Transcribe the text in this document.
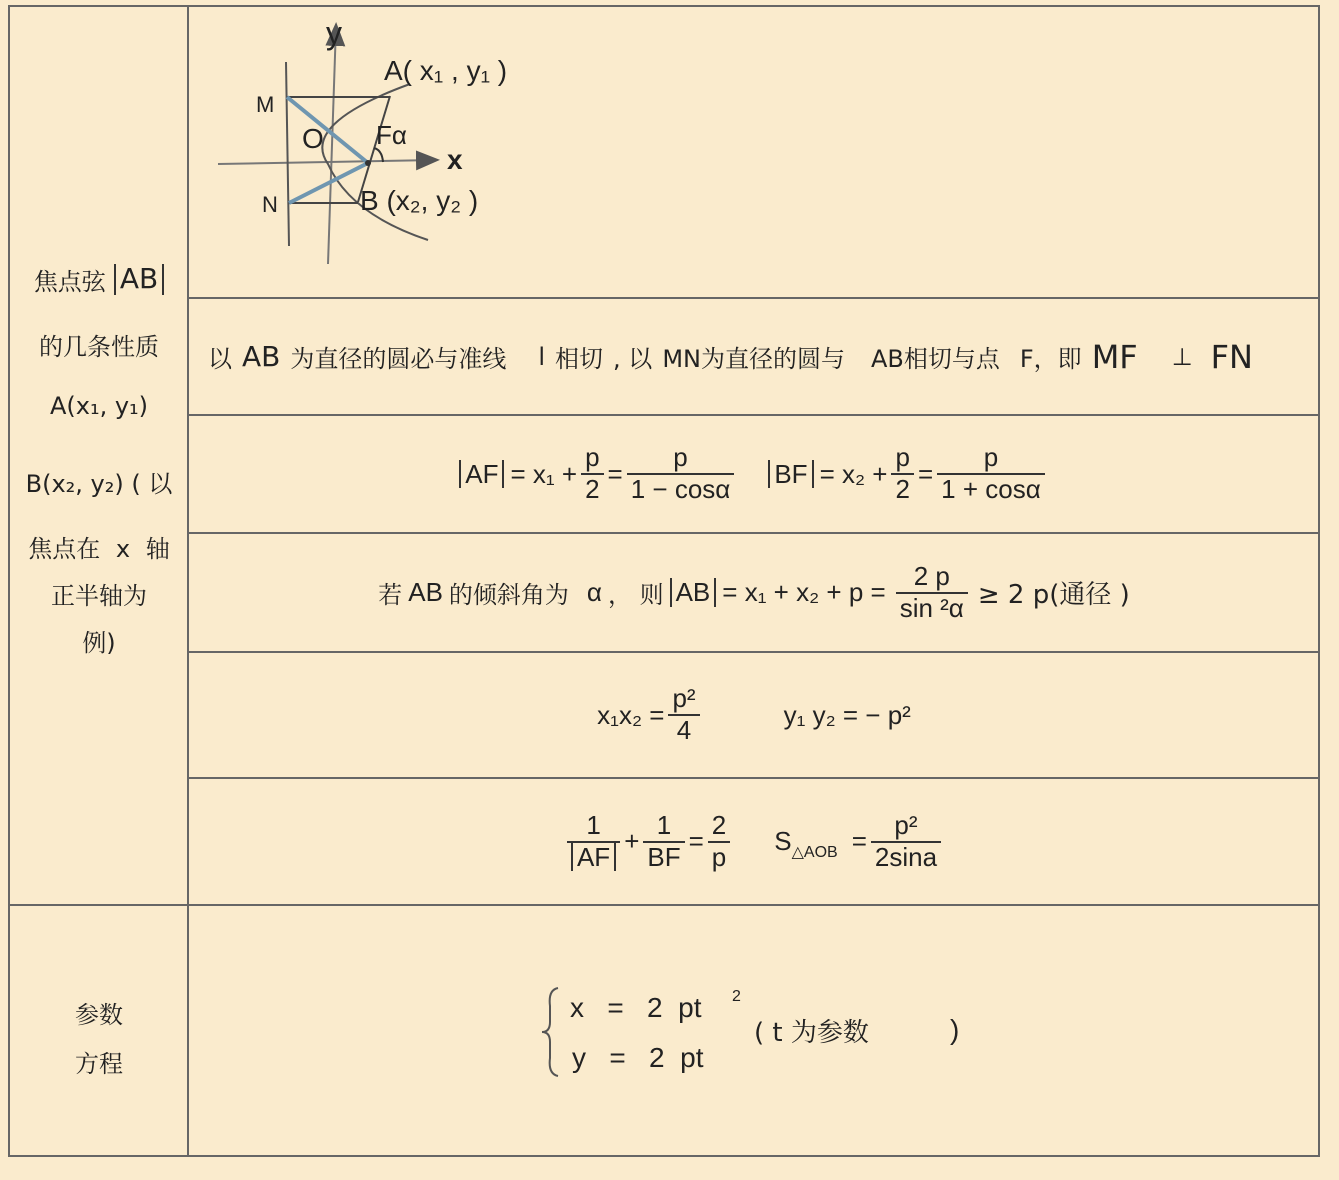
焦点弦 AB
的几条性质
A(x₁, y₁)
B(x₂, y₂) ( 以
焦点在 x 轴
正半轴为
例)
参数
方程
y
x
O
M
N
Fα
A( x₁ , y₁ )
B (x₂, y₂ )
以 AB 为直径的圆必与准线 l 相切 , 以 MN为直径的圆与 AB相切与点 F，即 MF ⊥ FN
AF = $x_1 + \frac{p}{2} = \frac{p}{1 - \cos\alpha}$ BF = $x_2 + \frac{p}{2} = \frac{p}{1 + \cos\alpha}$
若 AB 的倾斜角为 α ， 则 AB = $x_1 + x_2 + p = \frac{2 p}{\text{sin ²α}} \ge 2$ p(通径 )
$x_1x_2 = \frac{\text{p²}}{4}$	y₁ y₂ = − p²
$\frac{1}{AF} + \frac{1}{BF} = \frac{2}{p}$ S △AOB = $\frac{\text{p²}}{2\sin a}$
x   =   2  pt 2
y   =   2  pt
( t 为参数	)
